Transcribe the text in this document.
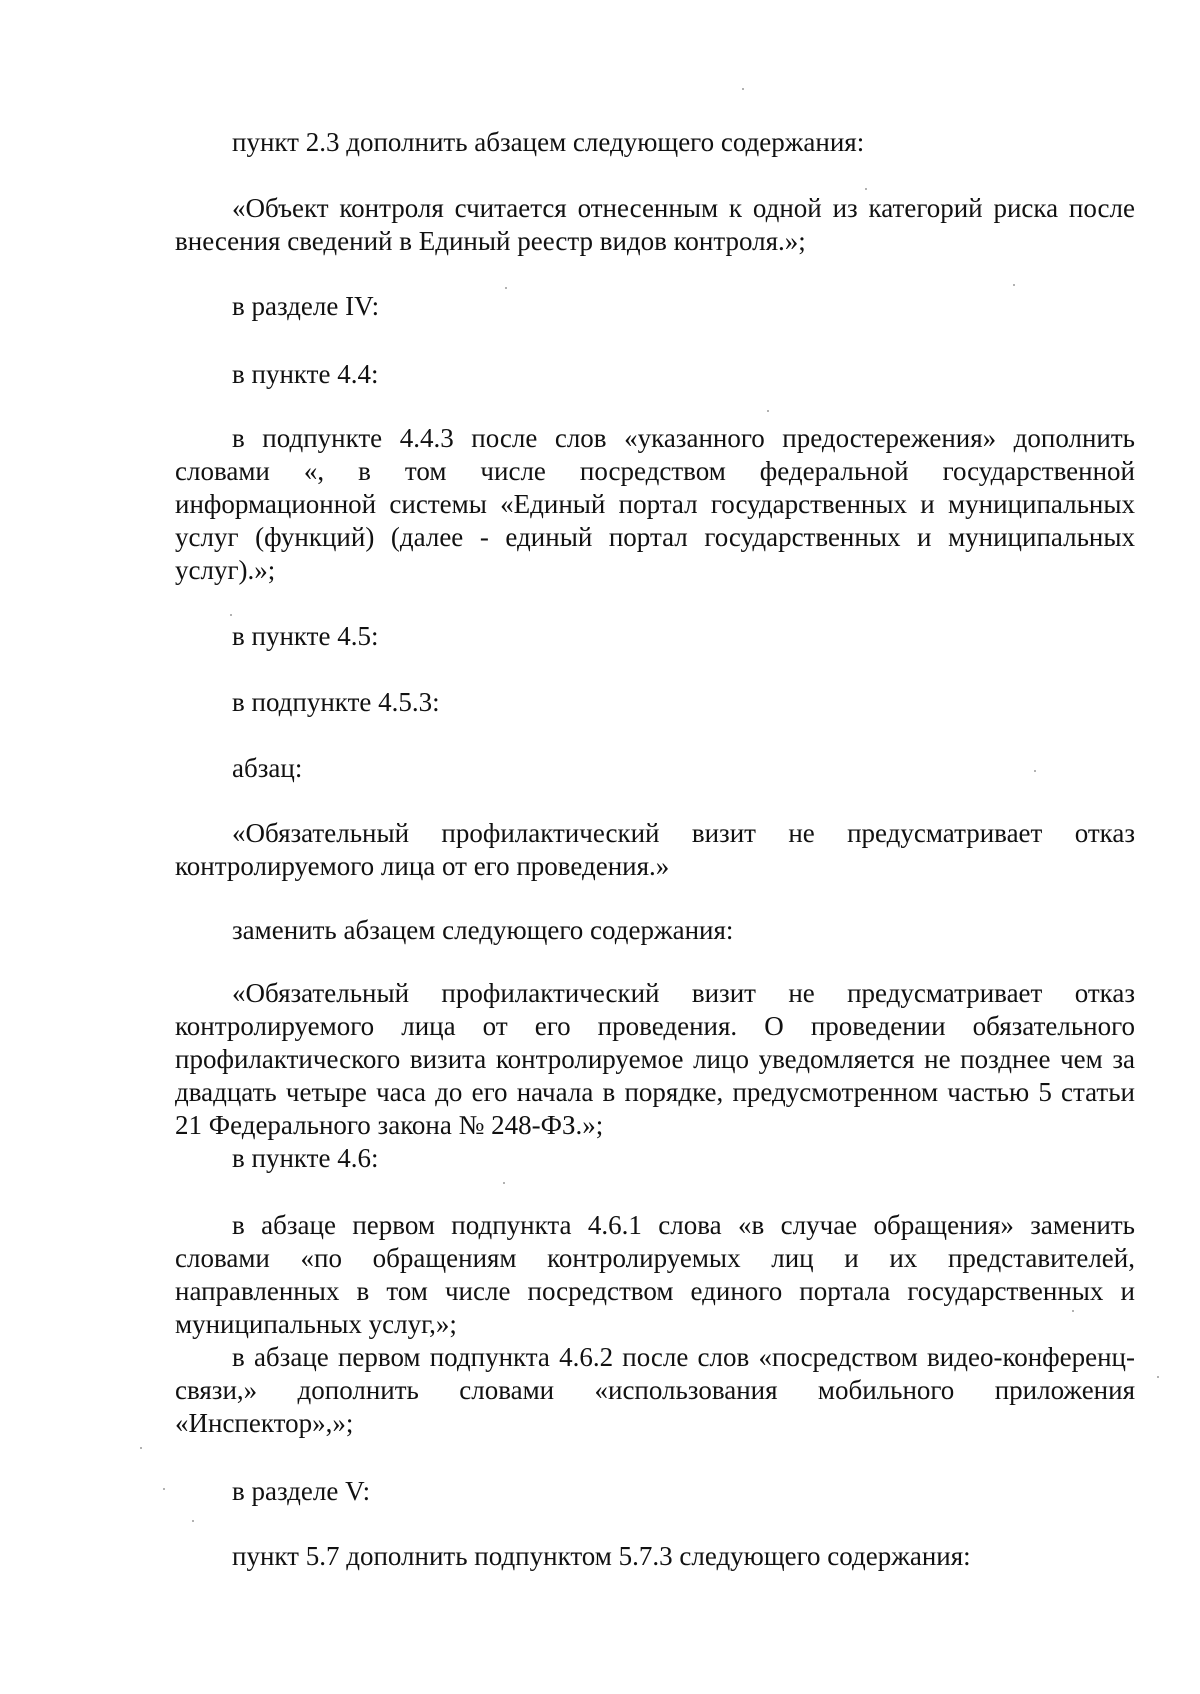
пункт 2.3 дополнить абзацем следующего содержания:

«Объект контроля считается отнесенным к одной из категорий риска после внесения сведений в Единый реестр видов контроля.»;

в разделе IV:

в пункте 4.4:

в подпункте 4.4.3 после слов «указанного предостережения» дополнить словами «, в том числе посредством федеральной государственной информационной системы «Единый портал государственных и муниципальных услуг (функций) (далее - единый портал государственных и муниципальных услуг).»;

в пункте 4.5:

в подпункте 4.5.3:

абзац:

«Обязательный профилактический визит не предусматривает отказ контролируемого лица от его проведения.»

заменить абзацем следующего содержания:

«Обязательный профилактический визит не предусматривает отказ контролируемого лица от его проведения. О проведении обязательного профилактического визита контролируемое лицо уведомляется не позднее чем за двадцать четыре часа до его начала в порядке, предусмотренном частью 5 статьи 21 Федерального закона № 248-ФЗ.»;

в пункте 4.6:

в абзаце первом подпункта 4.6.1 слова «в случае обращения» заменить словами «по обращениям контролируемых лиц и их представителей, направленных в том числе посредством единого портала государственных и муниципальных услуг,»;

в абзаце первом подпункта 4.6.2 после слов «посредством видео-конференц-связи,» дополнить словами «использования мобильного приложения «Инспектор»,»;

в разделе V:

пункт 5.7 дополнить подпунктом 5.7.3 следующего содержания:
